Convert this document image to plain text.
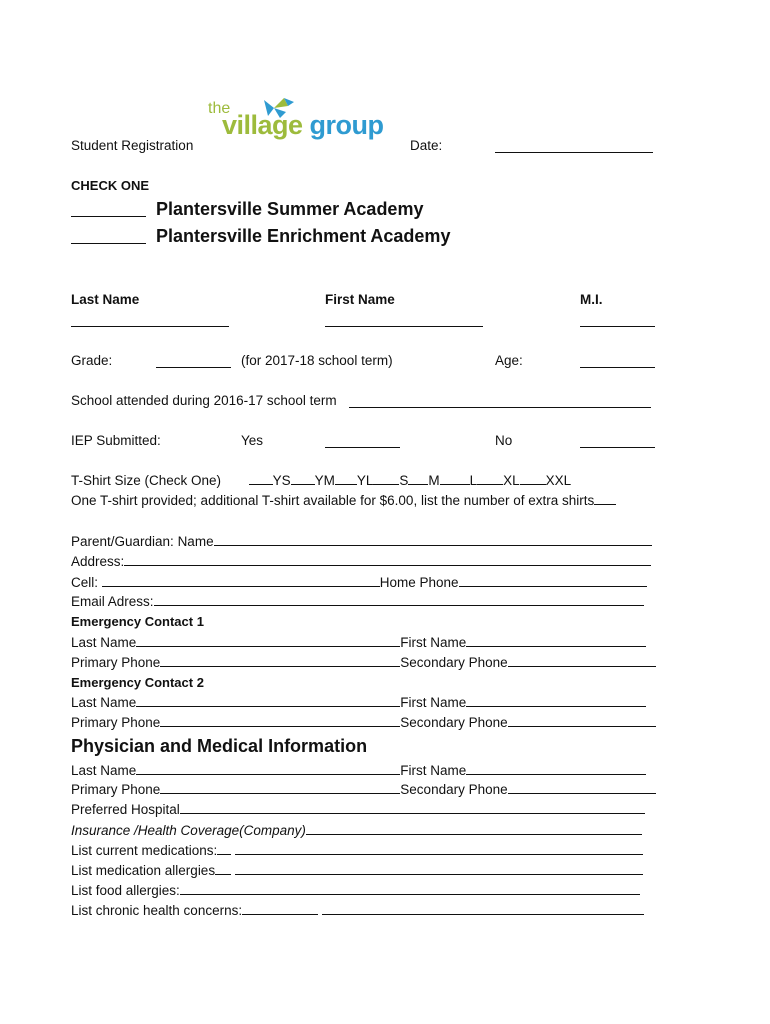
Student Registration
the
village group
Date:
CHECK ONE
Plantersville Summer Academy
Plantersville Enrichment Academy
Last Name	First Name	M.I.
Grade:	(for 2017-18 school term)	Age:
School attended during 2016-17 school term
IEP Submitted:	Yes	No
T-Shirt Size (Check One)	YS YM YL S M L XL XXL
One T-shirt provided; additional T-shirt available for $6.00, list the number of extra shirts
Parent/Guardian: Name
Address:
Cell:	Home Phone
Email Adress:
Emergency Contact 1
Last Name	First Name
Primary Phone	Secondary Phone
Emergency Contact 2
Last Name	First Name
Primary Phone	Secondary Phone
Physician and Medical Information
Last Name	First Name
Primary Phone	Secondary Phone
Preferred Hospital
Insurance /Health Coverage(Company)
List current medications:
List medication allergies
List food allergies:
List chronic health concerns:
